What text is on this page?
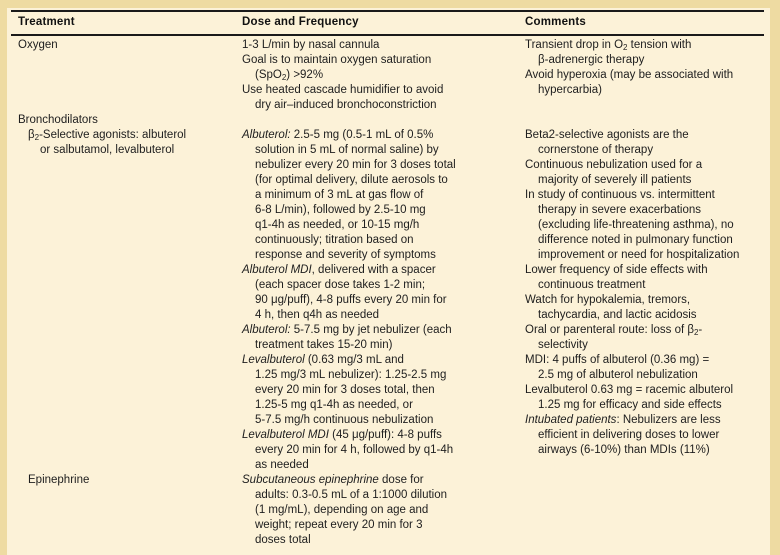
Treatment	Dose and Frequency	Comments
Oxygen
Bronchodilators
$\beta_2$-Selective agonists: albuterol
or salbutamol, levalbuterol
Epinephrine
1-3 L/min by nasal cannula
Goal is to maintain oxygen saturation
(SpO$_2$) >92%
Use heated cascade humidifier to avoid
dry air–induced bronchoconstriction
Albuterol: 2.5-5 mg (0.5-1 mL of 0.5%
solution in 5 mL of normal saline) by
nebulizer every 20 min for 3 doses total
(for optimal delivery, dilute aerosols to
a minimum of 3 mL at gas flow of
6-8 L/min), followed by 2.5-10 mg
q1-4h as needed, or 10-15 mg/h
continuously; titration based on
response and severity of symptoms
Albuterol MDI, delivered with a spacer
(each spacer dose takes 1-2 min;
90 μg/puff), 4-8 puffs every 20 min for
4 h, then q4h as needed
Albuterol: 5-7.5 mg by jet nebulizer (each
treatment takes 15-20 min)
Levalbuterol (0.63 mg/3 mL and
1.25 mg/3 mL nebulizer): 1.25-2.5 mg
every 20 min for 3 doses total, then
1.25-5 mg q1-4h as needed, or
5-7.5 mg/h continuous nebulization
Levalbuterol MDI (45 μg/puff): 4-8 puffs
every 20 min for 4 h, followed by q1-4h
as needed
Subcutaneous epinephrine dose for
adults: 0.3-0.5 mL of a 1:1000 dilution
(1 mg/mL), depending on age and
weight; repeat every 20 min for 3
doses total
Transient drop in $O_2$ tension with
β-adrenergic therapy
Avoid hyperoxia (may be associated with
hypercarbia)
Beta2-selective agonists are the
cornerstone of therapy
Continuous nebulization used for a
majority of severely ill patients
In study of continuous vs. intermittent
therapy in severe exacerbations
(excluding life-threatening asthma), no
difference noted in pulmonary function
improvement or need for hospitalization
Lower frequency of side effects with
continuous treatment
Watch for hypokalemia, tremors,
tachycardia, and lactic acidosis
Oral or parenteral route: loss of $\beta_2-$
selectivity
MDI: 4 puffs of albuterol (0.36 mg) =
2.5 mg of albuterol nebulization
Levalbuterol 0.63 mg = racemic albuterol
1.25 mg for efficacy and side effects
Intubated patients: Nebulizers are less
efficient in delivering doses to lower
airways (6-10%) than MDIs (11%)
